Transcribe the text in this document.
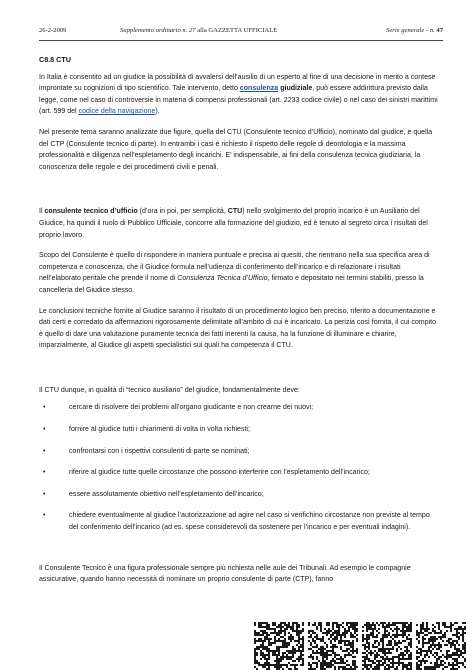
26-2-2009	Supplemento ordinario n. 27 alla GAZZETTA UFFICIALE	Serie generale - n. 47
C8.8 CTU

In Italia è consentito ad un giudice la possibilità di avvalersi dell’ausilio di un esperto al fine di una decisione in merito a contese improntate su cognizioni di tipo scientifico. Tale intervento, detto consulenza giudiziale, può essere addirittura previsto dalla legge, come nel caso di controversie in materia di compensi professionali (art. 2233 codice civile) o nel caso dei sinistri marittimi (art. 599 del codice della navigazione).

Nel presente tema saranno analizzate due figure, quella del CTU (Consulente tecnico d’Ufficio), nominato dal giudice, e quella del CTP (Consulente tecnico di parte). In entrambi i casi è richiesto il rispetto delle regole di deontologia e la massima professionalità e diligenza nell’espletamento degli incarichi. E’ indispensabile, ai fini della consulenza tecnica giudiziaria, la conoscenza delle regole e dei procedimenti civili e penali.

Il consulente tecnico d’ufficio (d’ora in poi, per semplicità, CTU) nello svolgimento del proprio incarico è un Ausiliario del Giudice, ha quindi il ruolo di Pubblico Ufficiale, concorre alla formazione del giudizio, ed è tenuto al segreto circa i risultati del proprio lavoro.

Scopo del Consulente è quello di rispondere in maniera puntuale e precisa ai quesiti, che rientrano nella sua specifica area di competenza e conoscenza, che il Giudice formula nell’udienza di conferimento dell’incarico e di relazionare i risultati nell’elaborato peritale che prende il nome di Consulenza Tecnica d’Ufficio, firmato e depositato nei termini stabiliti, presso la cancelleria del Giudice stesso.

Le conclusioni tecniche fornite al Giudice saranno il risultato di un procedimento logico ben preciso, riferito a documentazione e dati certi e corredato da affermazioni rigorosamente delimitate all’ambito di cui è incaricato. La perizia così fornita, il cui compito è quello di dare una valutazione puramente tecnica dei fatti inerenti la causa, ha la funzione di illuminare e chiarire, imparzialmente, al Giudice gli aspetti specialistici sui quali ha competenza il CTU.

Il CTU dunque, in qualità di “tecnico ausiliario” del giudice, fondamentalmente deve:

•	cercare di risolvere dei problemi all’organo giudicante e non crearne dei nuovi;
•	fornire al giudice tutti i chiarimenti di volta in volta richiesti;
•	confrontarsi con i rispettivi consulenti di parte se nominati;
•	riferire al giudice tutte quelle circostanze che possono interferire con l’espletamento dell’incarico;
•	essere assolutamente obiettivo nell’espletamento dell’incarico;
•	chiedere eventualmente al giudice l’autorizzazione ad agire nel caso si verifichino circostanze non previste al tempo del conferimento dell’incarico (ad es. spese considerevoli da sostenere per l’incarico e per eventuali indagini).

Il Consulente Tecnico è una figura professionale sempre più richiesta nelle aule dei Tribunali. Ad esempio le compagnie assicurative, quando hanno necessità di nominare un proprio consulente di parte (CTP), fanno
